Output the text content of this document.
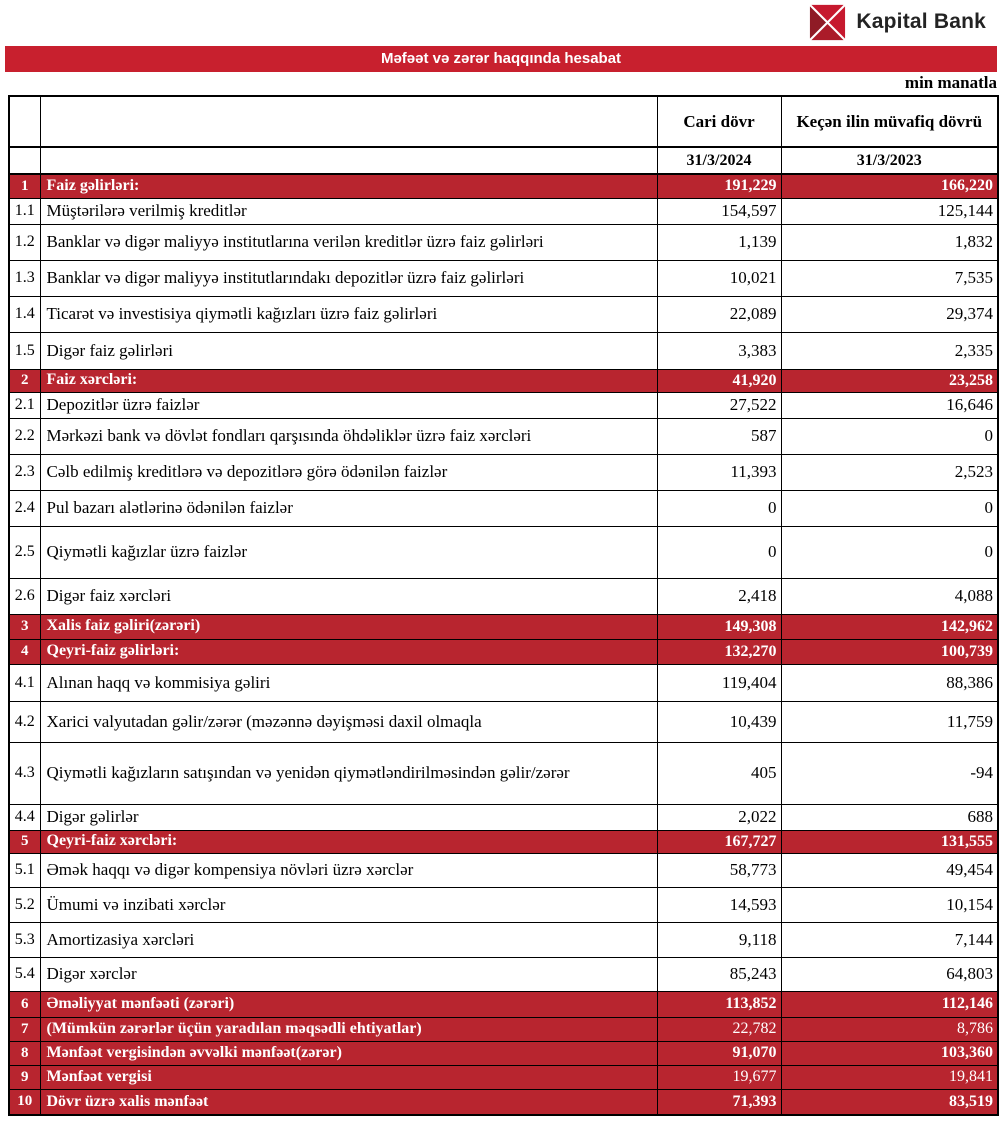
Kapital Bank
Məfəət və zərər haqqında hesabat
min manatla
		Cari dövr	Keçən ilin müvafiq dövrü
		31/3/2024	31/3/2023
1	Faiz gəlirləri:	191,229	166,220
1.1	Müştərilərə verilmiş kreditlər	154,597	125,144
1.2	Banklar və digər maliyyə institutlarına verilən kreditlər üzrə faiz gəlirləri	1,139	1,832
1.3	Banklar və digər maliyyə institutlarındakı depozitlər üzrə faiz gəlirləri	10,021	7,535
1.4	Ticarət və investisiya qiymətli kağızları üzrə faiz gəlirləri	22,089	29,374
1.5	Digər faiz gəlirləri	3,383	2,335
2	Faiz xərcləri:	41,920	23,258
2.1	Depozitlər üzrə faizlər	27,522	16,646
2.2	Mərkəzi bank və dövlət fondları qarşısında öhdəliklər üzrə faiz xərcləri	587	0
2.3	Cəlb edilmiş kreditlərə və depozitlərə görə ödənilən faizlər	11,393	2,523
2.4	Pul bazarı alətlərinə ödənilən faizlər	0	0
2.5	Qiymətli kağızlar üzrə faizlər	0	0
2.6	Digər faiz xərcləri	2,418	4,088
3	Xalis faiz gəliri(zərəri)	149,308	142,962
4	Qeyri-faiz gəlirləri:	132,270	100,739
4.1	Alınan haqq və kommisiya gəliri	119,404	88,386
4.2	Xarici valyutadan gəlir/zərər (məzənnə dəyişməsi daxil olmaqla	10,439	11,759
4.3	Qiymətli kağızların satışından və yenidən qiymətləndirilməsindən gəlir/zərər	405	-94
4.4	Digər gəlirlər	2,022	688
5	Qeyri-faiz xərcləri:	167,727	131,555
5.1	Əmək haqqı və digər kompensiya növləri üzrə xərclər	58,773	49,454
5.2	Ümumi və inzibati xərclər	14,593	10,154
5.3	Amortizasiya xərcləri	9,118	7,144
5.4	Digər xərclər	85,243	64,803
6	Əməliyyat mənfəəti (zərəri)	113,852	112,146
7	(Mümkün zərərlər üçün yaradılan məqsədli ehtiyatlar)	22,782	8,786
8	Mənfəət vergisindən əvvəlki mənfəət(zərər)	91,070	103,360
9	Mənfəət vergisi	19,677	19,841
10	Dövr üzrə xalis mənfəət	71,393	83,519
